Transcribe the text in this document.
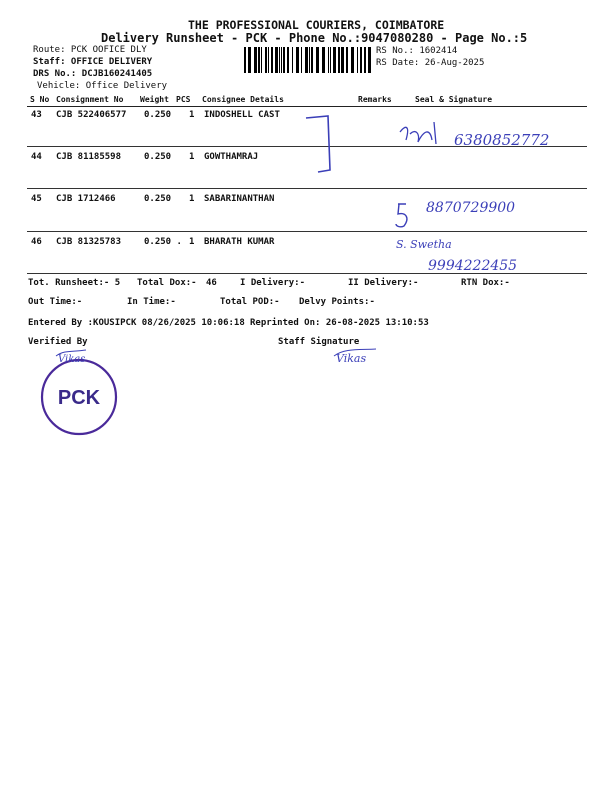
THE PROFESSIONAL COURIERS, COIMBATORE
Delivery Runsheet - PCK - Phone No.:9047080280 - Page No.:5
Route: PCK OOFICE DLY
Staff: OFFICE DELIVERY
DRS No.: DCJB160241405
Vehicle: Office Delivery
RS No.: 1602414
RS Date: 26-Aug-2025
S No Consignment No Weight PCS Consignee Details	Remarks	Seal & Signature
43 CJB 522406577 0.250 1 INDOSHELL CAST
44 CJB 81185598	0.250 1 GOWTHAMRAJ
45 CJB 1712466	0.250 1 SABARINANTHAN
46 CJB 81325783	0.250 . 1 BHARATH KUMAR
Tot. Runsheet:- 5 Total Dox:- 46	I Delivery:-	II Delivery:-	RTN Dox:-
Out Time:-	In Time:-	Total POD:- Delvy Points:-
Entered By :KOUSIPCK 08/26/2025 10:06:18 Reprinted On: 26-08-2025 13:10:53
Verified By	Staff Signature
PCK
6380852772
8870729900
S. Swetha
9994222455
Vikas	Vikas
